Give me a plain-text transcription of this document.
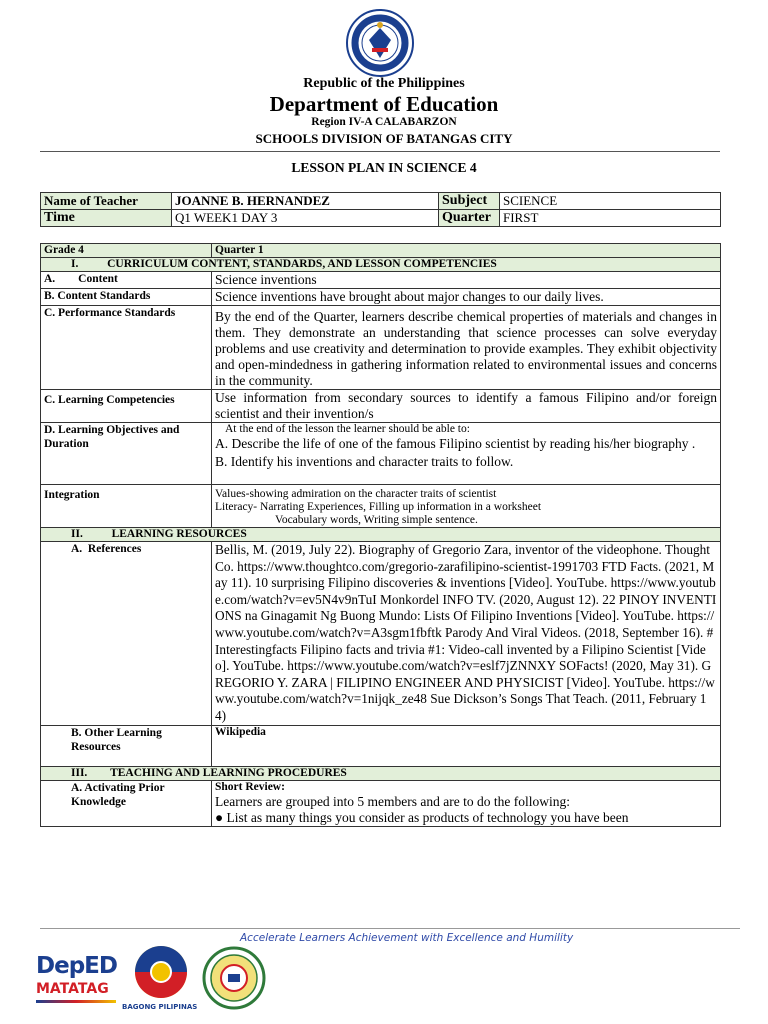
Republic of the Philippines
Department of Education
Region IV-A CALABARZON
SCHOOLS DIVISION OF BATANGAS CITY
LESSON PLAN IN SCIENCE 4
Name of Teacher	JOANNE B. HERNANDEZ	Subject	SCIENCE
Time	Q1 WEEK1 DAY 3	Quarter	FIRST
Grade 4	Quarter 1
I.          CURRICULUM CONTENT, STANDARDS, AND LESSON COMPETENCIES	
A.        Content	Science inventions
B. Content Standards	Science inventions have brought about major changes to our daily lives.
C. Performance Standards	By the end of the Quarter, learners describe chemical properties of materials and changes in them. They demonstrate an understanding that science processes can solve everyday problems and use creativity and determination to provide examples. They exhibit objectivity and open-mindedness in gathering information related to environmental issues and concerns in the community.
C. Learning Competencies	Use information from secondary sources to identify a famous Filipino and/or foreign scientist and their invention/s
D. Learning Objectives and Duration	At the end of the lesson the learner should be able to:
A. Describe the life of one of the famous Filipino scientist by reading his/her biography .
B. Identify his inventions and character traits to follow.

Integration	Values-showing admiration on the character traits of scientist
Literacy- Narrating Experiences, Filling up information in a worksheet
Vocabulary words, Writing simple sentence.

II.          LEARNING RESOURCES	
A.  References	Bellis, M. (2019, July 22). Biography of Gregorio Zara, inventor of the videophone. ThoughtCo. https://www.thoughtco.com/gregorio-zarafilipino-scientist-1991703 FTD Facts. (2021, May 11). 10 surprising Filipino discoveries & inventions [Video]. YouTube. https://www.youtube.com/watch?v=ev5N4v9nTuI Monkordel INFO TV. (2020, August 12). 22 PINOY INVENTIONS na Ginagamit Ng Buong Mundo: Lists Of Filipino Inventions [Video]. YouTube. https://www.youtube.com/watch?v=A3sgm1fbftk Parody And Viral Videos. (2018, September 16). #Interestingfacts Filipino facts and trivia #1: Video-call invented by a Filipino Scientist [Video]. YouTube. https://www.youtube.com/watch?v=eslf7jZNNXY SOFacts! (2020, May 31). GREGORIO Y. ZARA | FILIPINO ENGINEER AND PHYSICIST [Video]. YouTube. https://www.youtube.com/watch?v=1nijqk_ze48 Sue Dickson’s Songs That Teach. (2011, February 14)
B. Other Learning Resources	Wikipedia
III.        TEACHING AND LEARNING PROCEDURES	
A. Activating Prior Knowledge	Short Review:
Learners are grouped into 5 members and are to do the following:
● List as many things you consider as products of technology you have been
Accelerate Learners Achievement with Excellence and Humility
DepED
MATATAG
BAGONG PILIPINAS
